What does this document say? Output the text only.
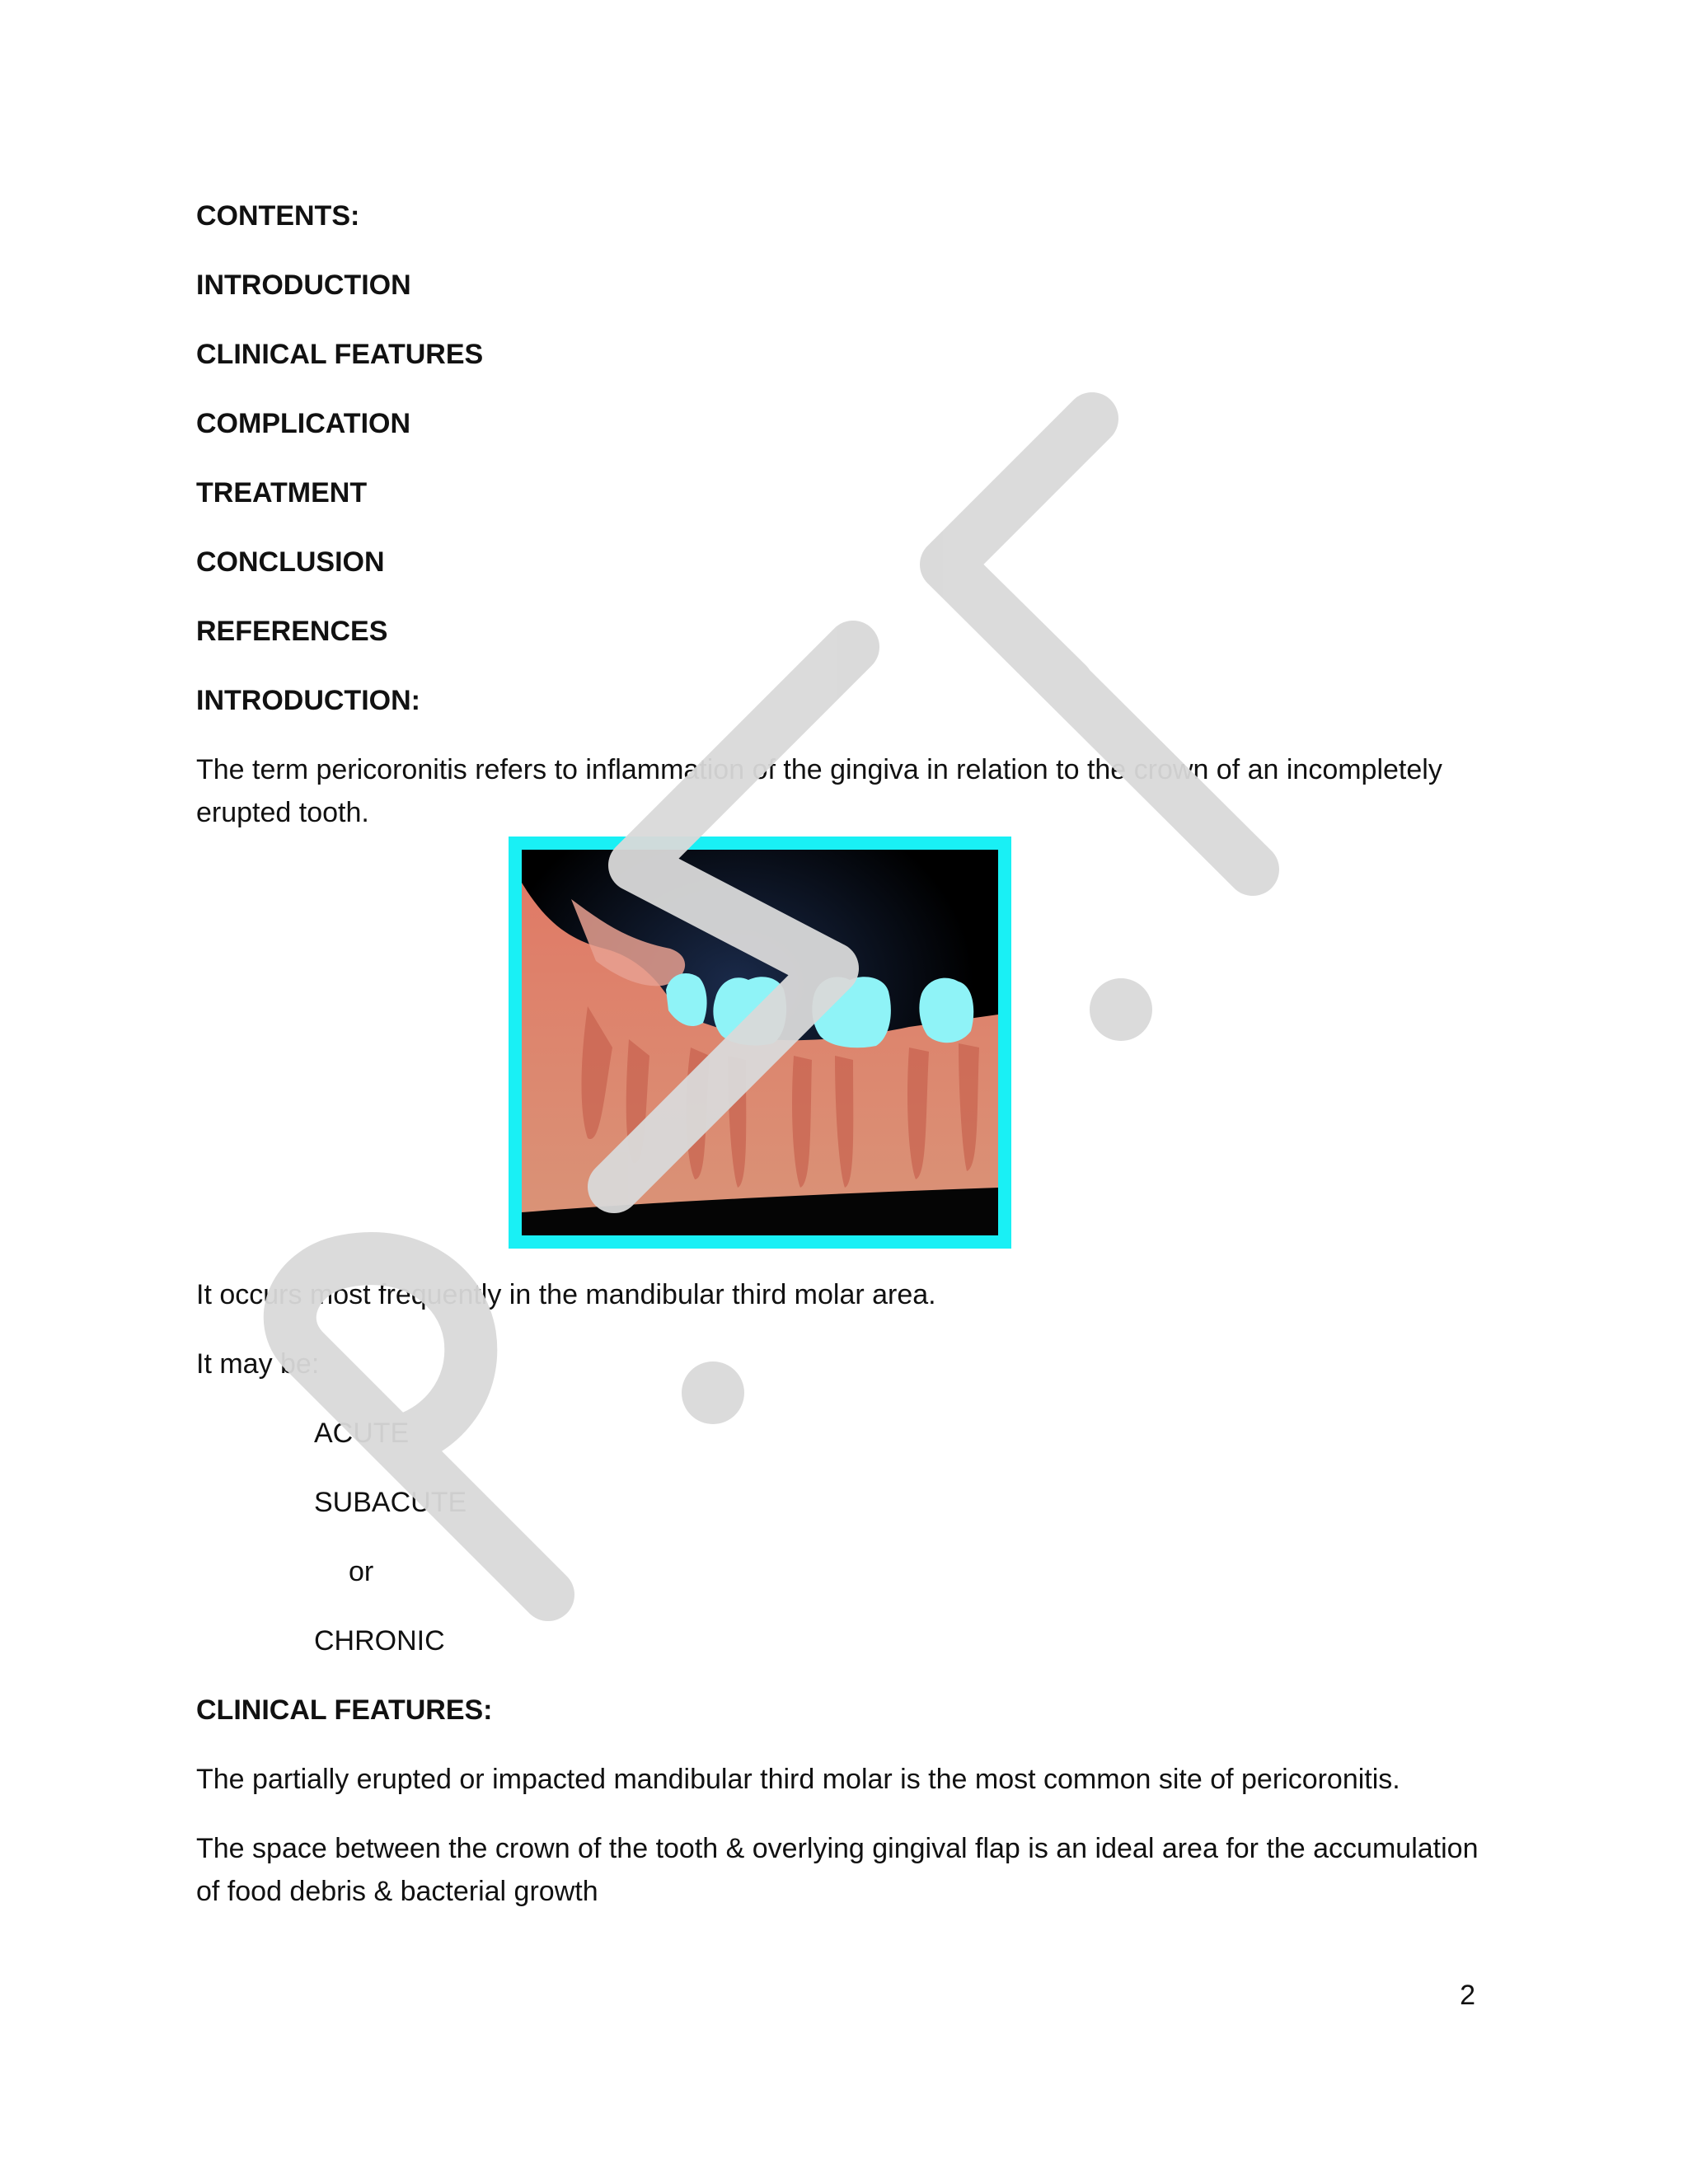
CONTENTS:
INTRODUCTION
CLINICAL FEATURES
COMPLICATION
TREATMENT
CONCLUSION
REFERENCES
INTRODUCTION:
The term pericoronitis refers to inflammation of the gingiva in relation to the crown of an incompletely erupted tooth.
It occurs most frequently in the mandibular third molar area.
It may be:
ACUTE
SUBACUTE
or
CHRONIC
CLINICAL FEATURES:
The partially erupted or impacted mandibular third molar is the most common site of pericoronitis.
The space between the crown of the tooth & overlying gingival flap is an ideal area for the accumulation of food debris & bacterial growth
2
